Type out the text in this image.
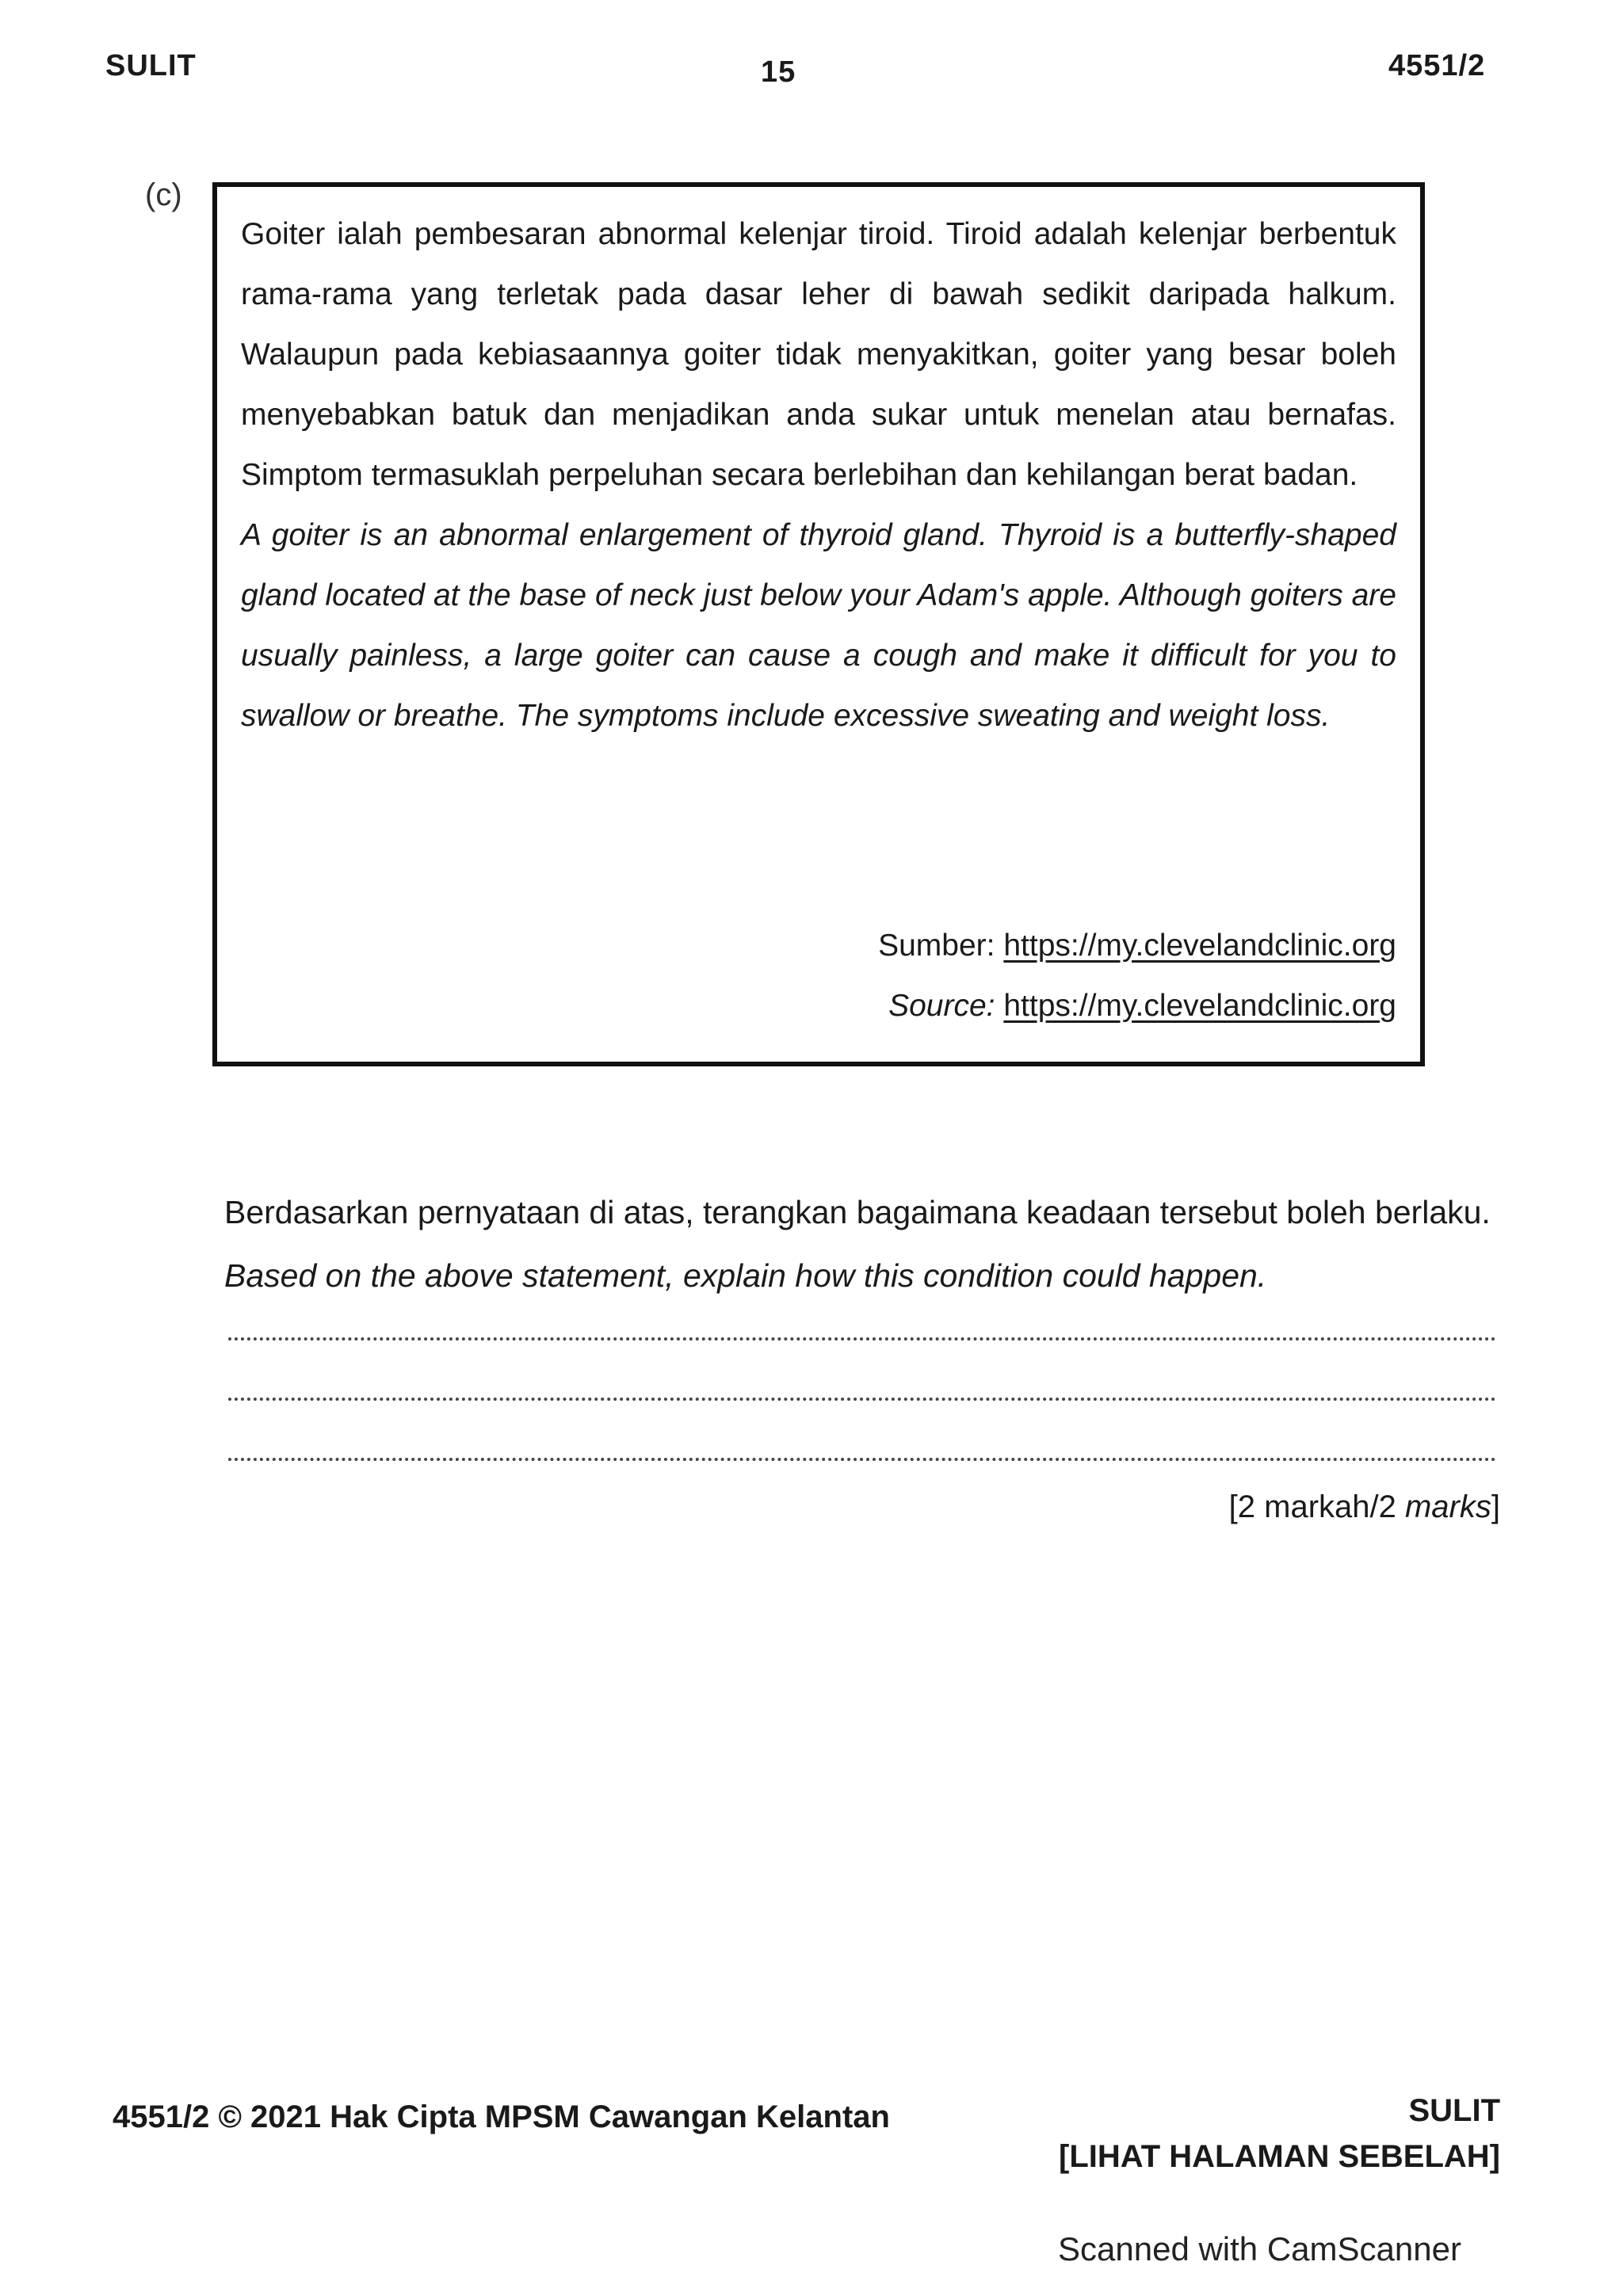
SULIT	15	4551/2
(c)

Goiter ialah pembesaran abnormal kelenjar tiroid. Tiroid adalah kelenjar berbentuk rama-rama yang terletak pada dasar leher di bawah sedikit daripada halkum. Walaupun pada kebiasaannya goiter tidak menyakitkan, goiter yang besar boleh menyebabkan batuk dan menjadikan anda sukar untuk menelan atau bernafas. Simptom termasuklah perpeluhan secara berlebihan dan kehilangan berat badan.

A goiter is an abnormal enlargement of thyroid gland. Thyroid is a butterfly-shaped gland located at the base of neck just below your Adam's apple. Although goiters are usually painless, a large goiter can cause a cough and make it difficult for you to swallow or breathe. The symptoms include excessive sweating and weight loss.

Sumber: https://my.clevelandclinic.org

Source: https://my.clevelandclinic.org

Berdasarkan pernyataan di atas, terangkan bagaimana keadaan tersebut boleh berlaku.

Based on the above statement, explain how this condition could happen.

[2 markah/2 marks]
4551/2 © 2021 Hak Cipta MPSM Cawangan Kelantan	SULIT
[LIHAT HALAMAN SEBELAH]
Scanned with CamScanner
